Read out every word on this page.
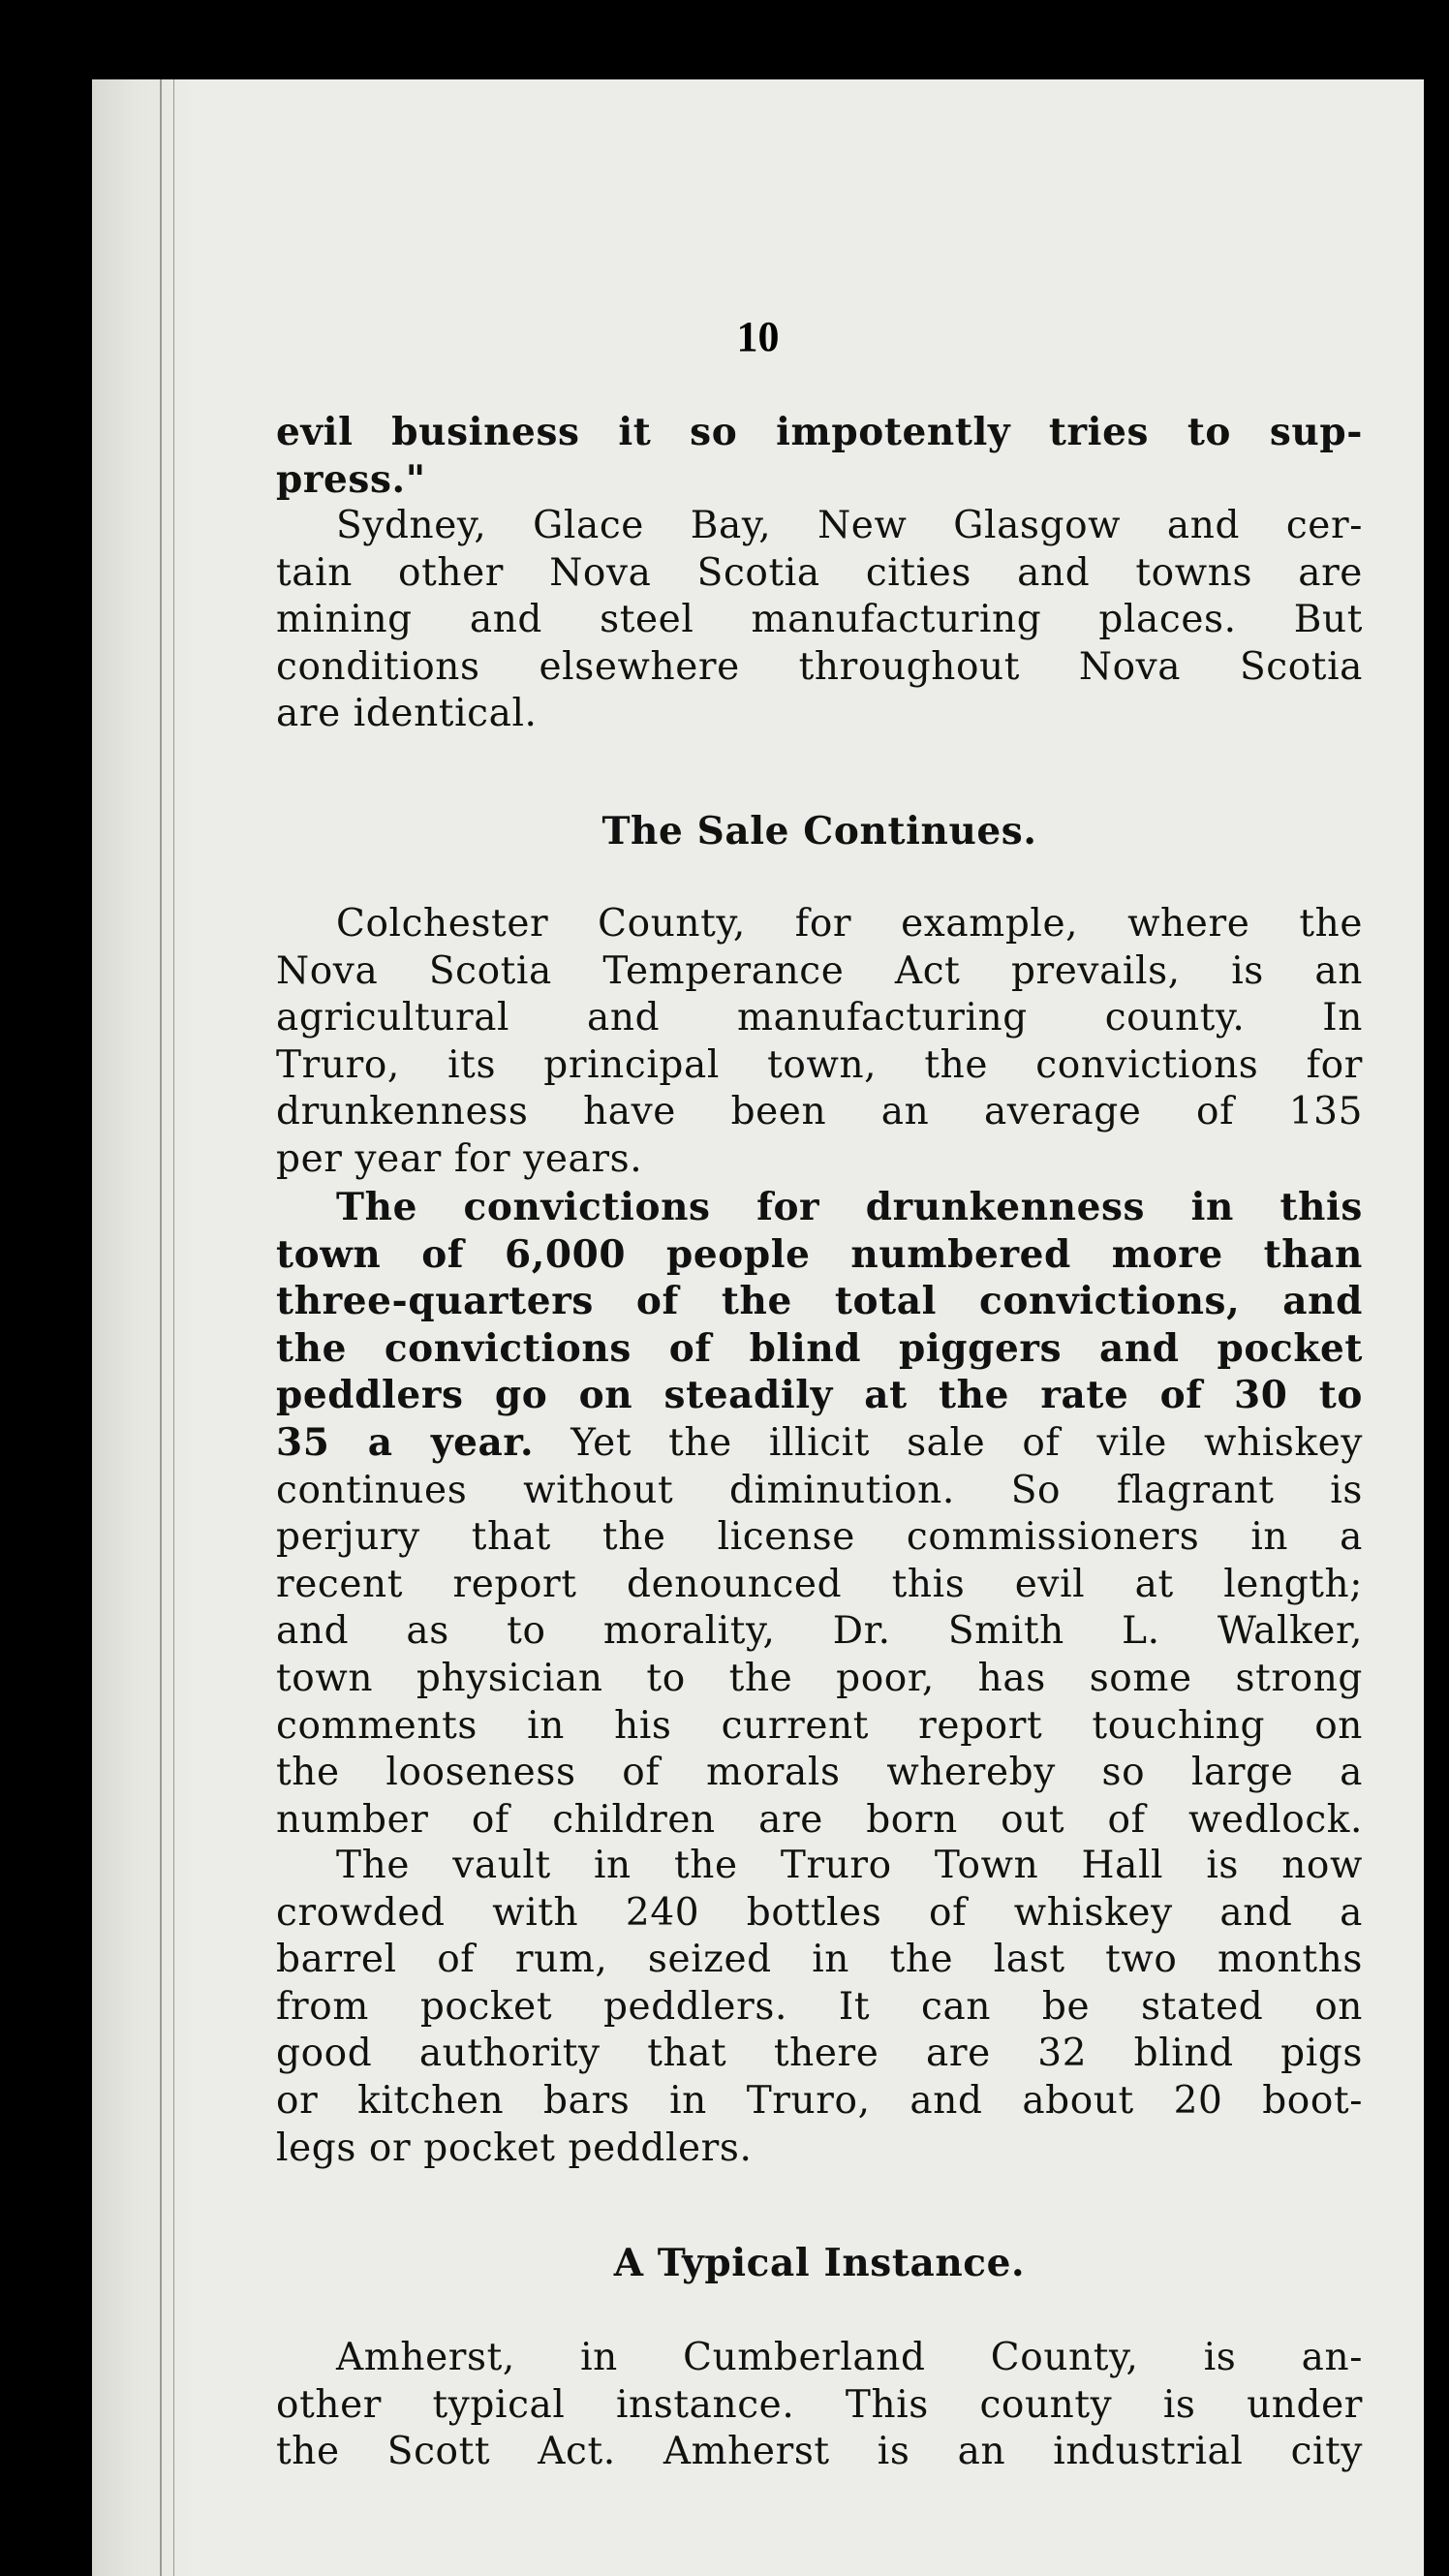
10
evil business it so impotently tries to sup-
press."
Sydney, Glace Bay, New Glasgow and cer-
tain other Nova Scotia cities and towns are
mining and steel manufacturing places. But
conditions elsewhere throughout Nova Scotia
are identical.
The Sale Continues.
Colchester County, for example, where the
Nova Scotia Temperance Act prevails, is an
agricultural and manufacturing county. In
Truro, its principal town, the convictions for
drunkenness have been an average of 135
per year for years.
The convictions for drunkenness in this
town of 6,000 people numbered more than
three-quarters of the total convictions, and
the convictions of blind piggers and pocket
peddlers go on steadily at the rate of 30 to
35 a year. Yet the illicit sale of vile whiskey
continues without diminution. So flagrant is
perjury that the license commissioners in a
recent report denounced this evil at length;
and as to morality, Dr. Smith L. Walker,
town physician to the poor, has some strong
comments in his current report touching on
the looseness of morals whereby so large a
number of children are born out of wedlock.
The vault in the Truro Town Hall is now
crowded with 240 bottles of whiskey and a
barrel of rum, seized in the last two months
from pocket peddlers. It can be stated on
good authority that there are 32 blind pigs
or kitchen bars in Truro, and about 20 boot-
legs or pocket peddlers.
A Typical Instance.
Amherst, in Cumberland County, is an-
other typical instance. This county is under
the Scott Act. Amherst is an industrial city
